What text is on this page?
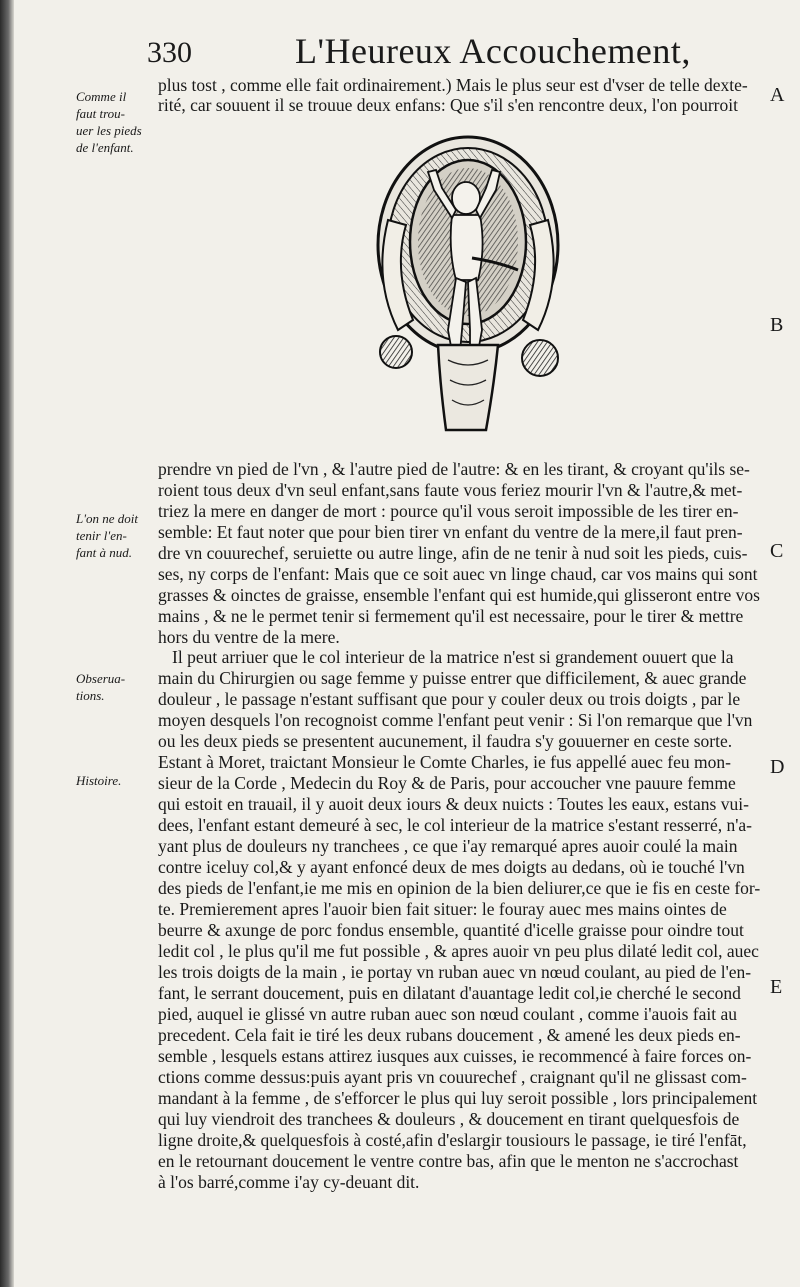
330	L'Heureux Accouchement,
plus tost , comme elle fait ordinairement.) Mais le plus seur est d'vser de telle dexte-
rité, car souuent il se trouue deux enfans: Que s'il s'en rencontre deux, l'on pourroit
prendre vn pied de l'vn , & l'autre pied de l'autre: & en les tirant, & croyant qu'ils se-
roient tous deux d'vn seul enfant,sans faute vous feriez mourir l'vn & l'autre,& met-
triez la mere en danger de mort : pource qu'il vous seroit impossible de les tirer en-
semble: Et faut noter que pour bien tirer vn enfant du ventre de la mere,il faut pren-
dre vn couurechef, seruiette ou autre linge, afin de ne tenir à nud soit les pieds, cuis-
ses, ny corps de l'enfant: Mais que ce soit auec vn linge chaud, car vos mains qui sont
grasses & oinctes de graisse, ensemble l'enfant qui est humide,qui glisseront entre vos
mains , & ne le permet tenir si fermement qu'il est necessaire, pour le tirer & mettre
hors du ventre de la mere.
Il peut arriuer que le col interieur de la matrice n'est si grandement ouuert que la
main du Chirurgien ou sage femme y puisse entrer que difficilement, & auec grande
douleur , le passage n'estant suffisant que pour y couler deux ou trois doigts , par le
moyen desquels l'on recognoist comme l'enfant peut venir : Si l'on remarque que l'vn
ou les deux pieds se presentent aucunement, il faudra s'y gouuerner en ceste sorte.
Estant à Moret, traictant Monsieur le Comte Charles, ie fus appellé auec feu mon-
sieur de la Corde , Medecin du Roy & de Paris, pour accoucher vne pauure femme
qui estoit en trauail, il y auoit deux iours & deux nuicts : Toutes les eaux, estans vui-
dees, l'enfant estant demeuré à sec, le col interieur de la matrice s'estant resserré, n'a-
yant plus de douleurs ny tranchees , ce que i'ay remarqué apres auoir coulé la main
contre iceluy col,& y ayant enfoncé deux de mes doigts au dedans, où ie touché l'vn
des pieds de l'enfant,ie me mis en opinion de la bien deliurer,ce que ie fis en ceste for-
te. Premierement apres l'auoir bien fait situer: le fouray auec mes mains ointes de
beurre & axunge de porc fondus ensemble, quantité d'icelle graisse pour oindre tout
ledit col , le plus qu'il me fut possible , & apres auoir vn peu plus dilaté ledit col, auec
les trois doigts de la main , ie portay vn ruban auec vn nœud coulant, au pied de l'en-
fant, le serrant doucement, puis en dilatant d'auantage ledit col,ie cherché le second
pied, auquel ie glissé vn autre ruban auec son nœud coulant , comme i'auois fait au
precedent. Cela fait ie tiré les deux rubans doucement , & amené les deux pieds en-
semble , lesquels estans attirez iusques aux cuisses, ie recommencé à faire forces on-
ctions comme dessus:puis ayant pris vn couurechef , craignant qu'il ne glissast com-
mandant à la femme , de s'efforcer le plus qui luy seroit possible , lors principalement
qui luy viendroit des tranchees & douleurs , & doucement en tirant quelquesfois de
ligne droite,& quelquesfois à costé,afin d'eslargir tousiours le passage, ie tiré l'enfāt,
en le retournant doucement le ventre contre bas, afin que le menton ne s'accrochast
à l'os barré,comme i'ay cy-deuant dit.
Comme il
faut trou-
uer les pieds
de l'enfant.
L'on ne doit
tenir l'en-
fant à nud.
Obserua-
tions.
Histoire.
A
B
C
D
E
